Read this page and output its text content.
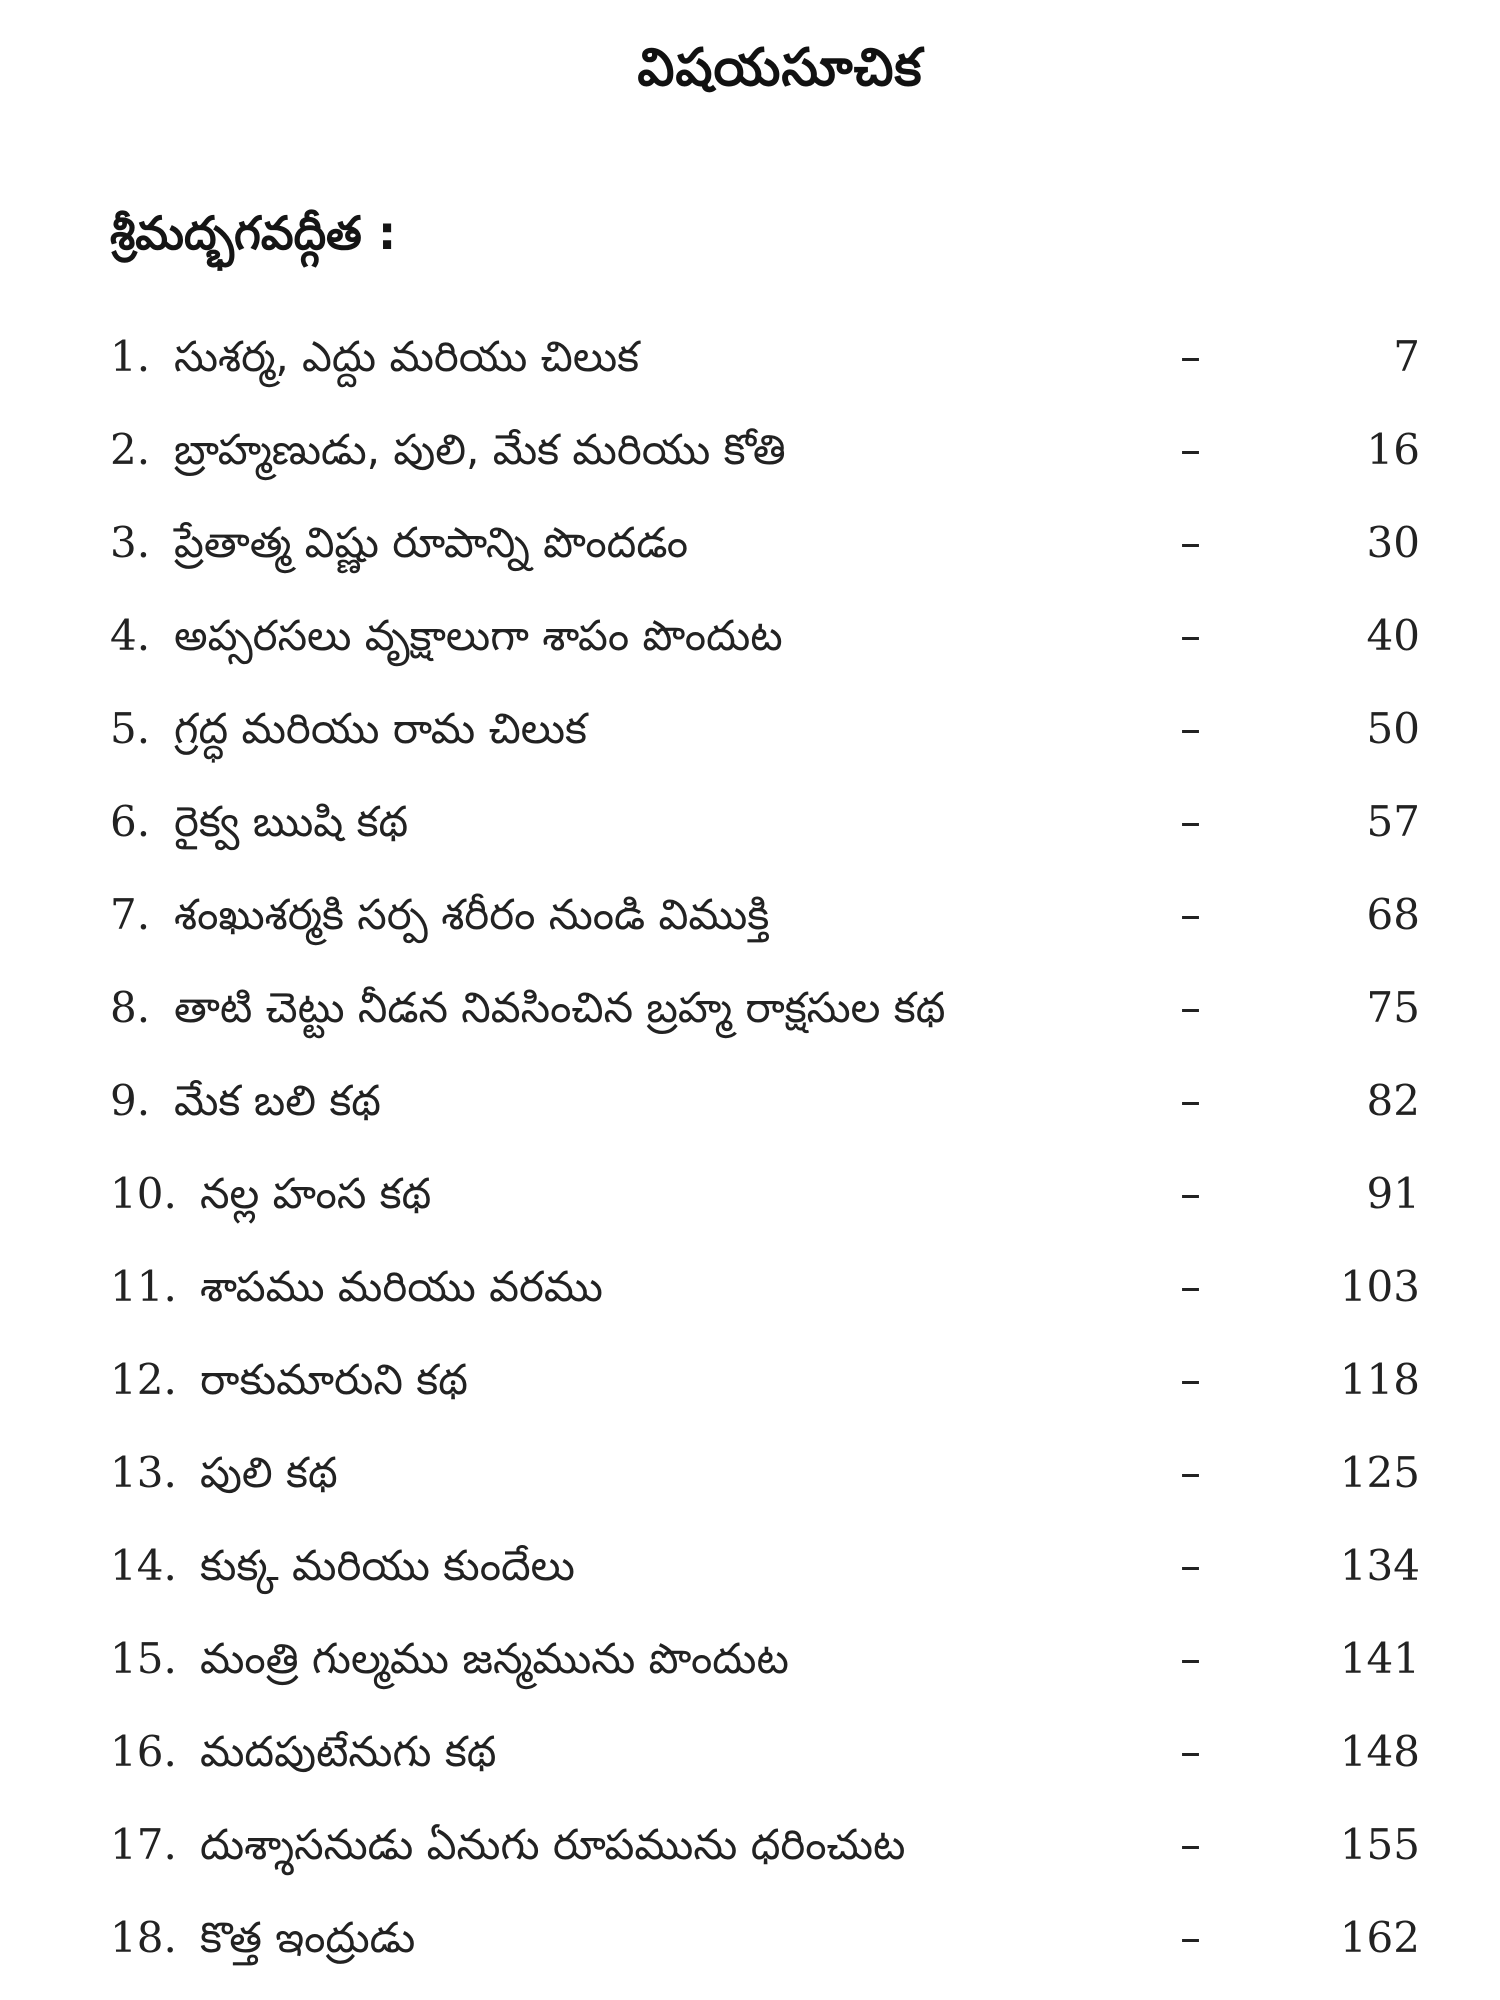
విషయసూచిక
శ్రీమద్భగవద్గీత :
1. సుశర్మ, ఎద్దు మరియు చిలుక	–	7
2. బ్రాహ్మణుడు, పులి, మేక మరియు కోతి	–	16
3. ప్రేతాత్మ విష్ణు రూపాన్ని పొందడం	–	30
4. అప్సరసలు వృక్షాలుగా శాపం పొందుట	–	40
5. గ్రద్ధ మరియు రామ చిలుక	–	50
6. రైక్వ ఋషి కథ	–	57
7. శంఖుశర్మకి సర్ప శరీరం నుండి విముక్తి	–	68
8. తాటి చెట్టు నీడన నివసించిన బ్రహ్మ రాక్షసుల కథ	–	75
9. మేక బలి కథ	–	82
10. నల్ల హంస కథ	–	91
11. శాపము మరియు వరము	–	103
12. రాకుమారుని కథ	–	118
13. పులి కథ	–	125
14. కుక్క మరియు కుందేలు	–	134
15. మంత్రి గుల్మము జన్మమును పొందుట	–	141
16. మదపుటేనుగు కథ	–	148
17. దుశ్శాసనుడు ఏనుగు రూపమును ధరించుట	–	155
18. కొత్త ఇంద్రుడు	–	162
